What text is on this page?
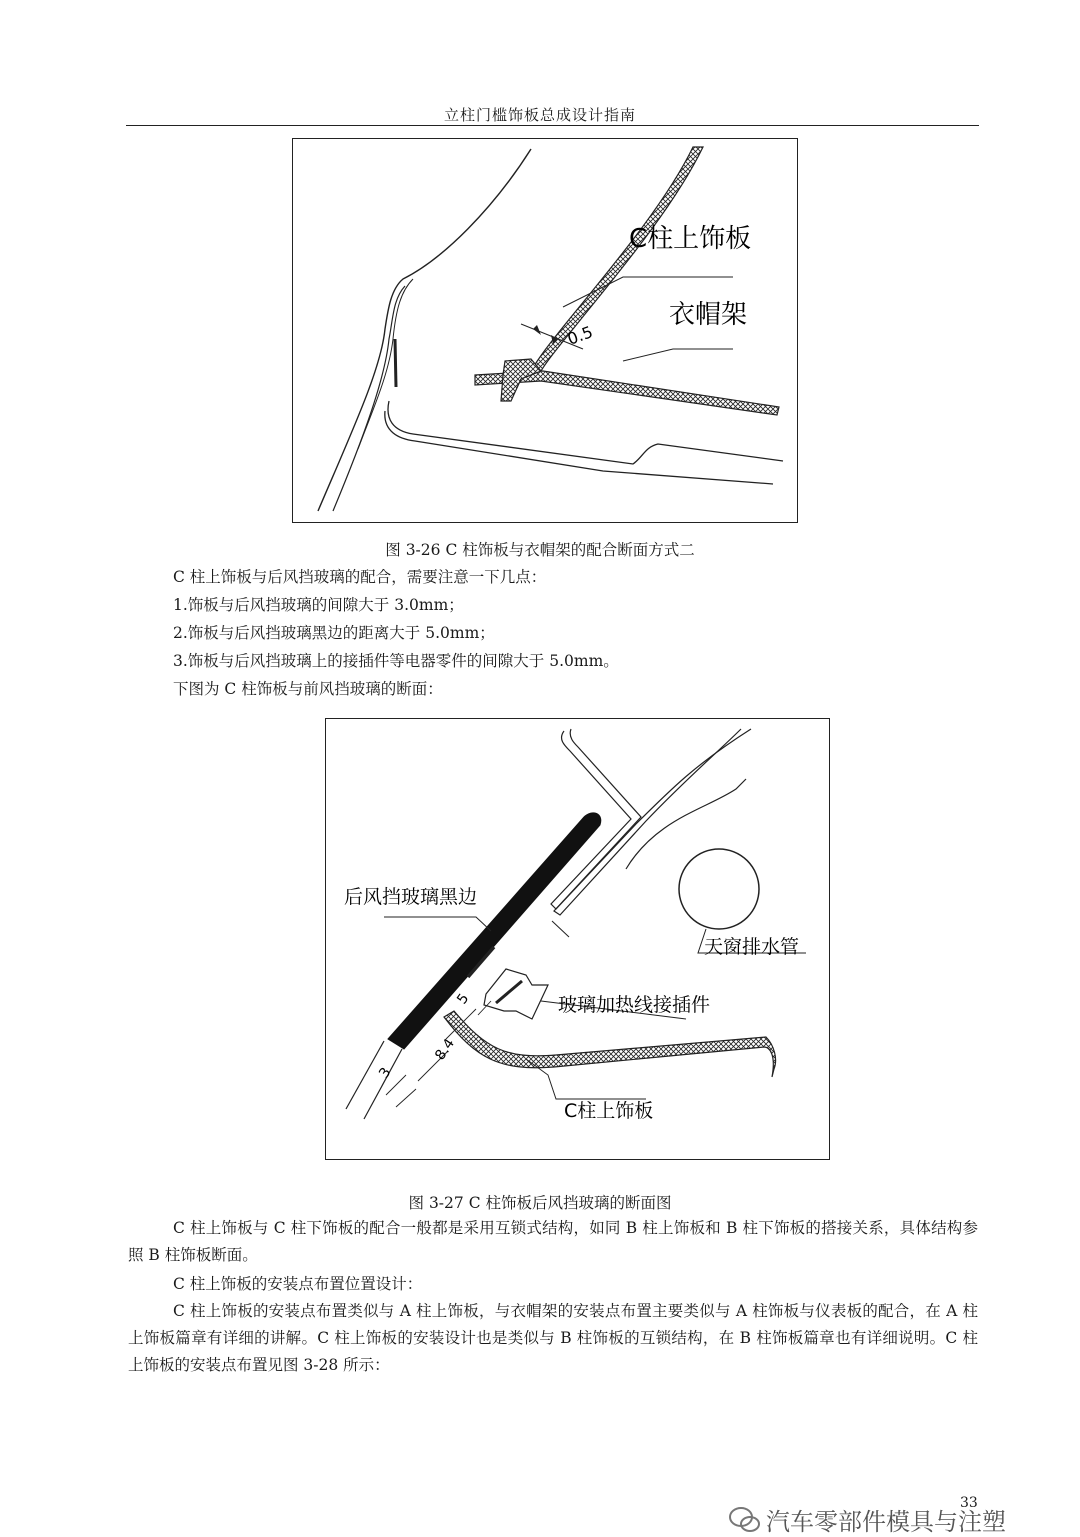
立柱门槛饰板总成设计指南
C柱上饰板
衣帽架
0.5
图 3-26 C 柱饰板与衣帽架的配合断面方式二
C 柱上饰板与后风挡玻璃的配合，需要注意一下几点：
1.饰板与后风挡玻璃的间隙大于 3.0mm；
2.饰板与后风挡玻璃黑边的距离大于 5.0mm；
3.饰板与后风挡玻璃上的接插件等电器零件的间隙大于 5.0mm。
下图为 C 柱饰板与前风挡玻璃的断面：
后风挡玻璃黑边
天窗排水管
玻璃加热线接插件
C柱上饰板
5
8.4
3
图 3-27 C 柱饰板后风挡玻璃的断面图
C 柱上饰板与 C 柱下饰板的配合一般都是采用互锁式结构，如同 B 柱上饰板和 B 柱下饰板的搭接关系，具体结构参照 B 柱饰板断面。
C 柱上饰板的安装点布置位置设计：
C 柱上饰板的安装点布置类似与 A 柱上饰板，与衣帽架的安装点布置主要类似与 A 柱饰板与仪表板的配合，在 A 柱上饰板篇章有详细的讲解。C 柱上饰板的安装设计也是类似与 B 柱饰板的互锁结构，在 B 柱饰板篇章也有详细说明。C 柱上饰板的安装点布置见图 3-28 所示：
33
汽车零部件模具与注塑
